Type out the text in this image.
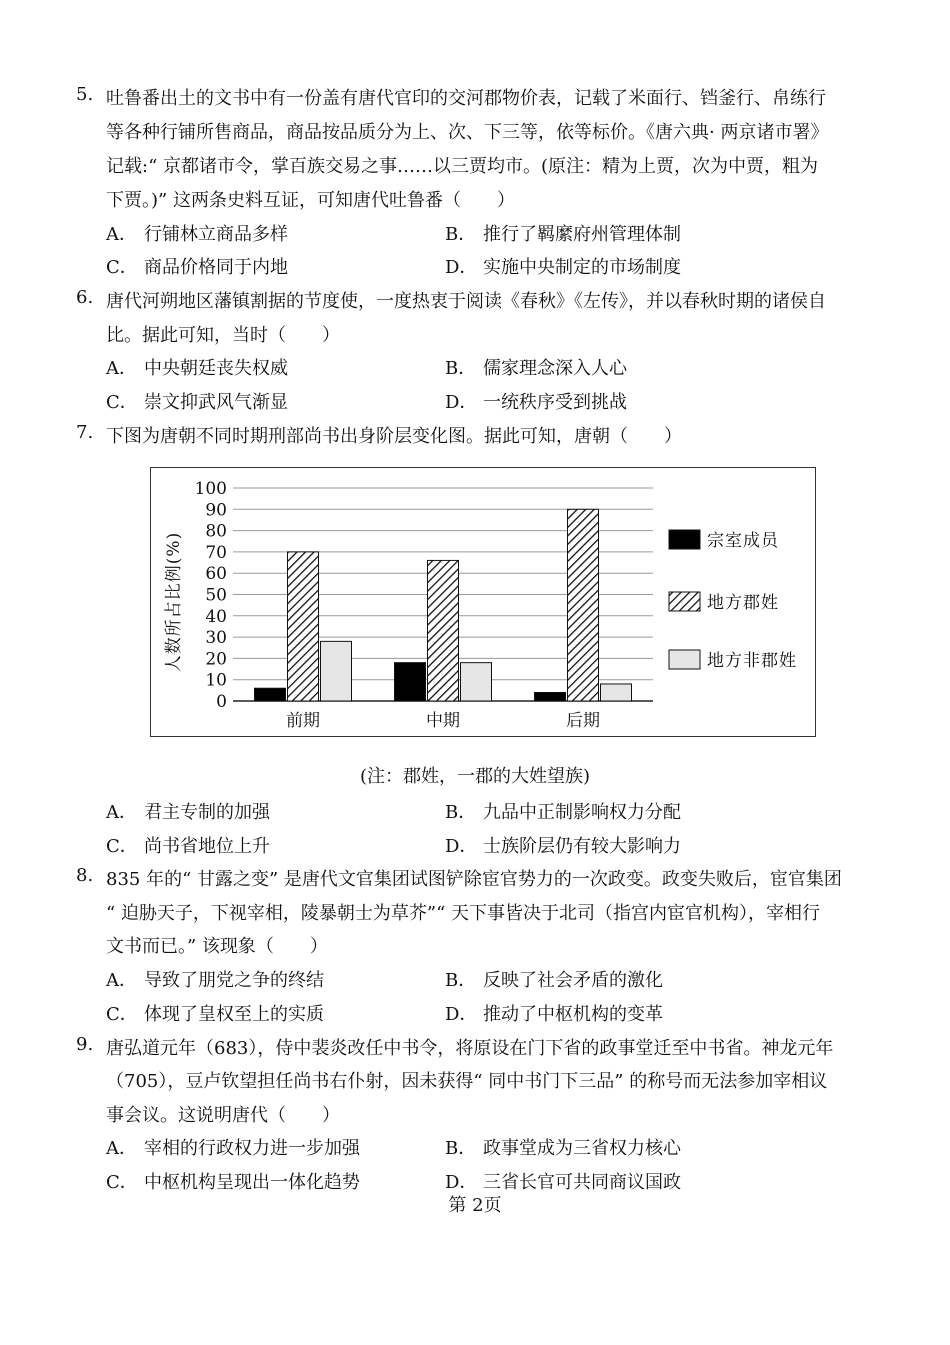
5. 吐鲁番出土的文书中有一份盖有唐代官印的交河郡物价表，记载了米面行、铛釜行、帛练行
等各种行铺所售商品，商品按品质分为上、次、下三等，依等标价。《唐六典· 两京诸市署》
记载:“ 京都诸市令，掌百族交易之事……以三贾均市。(原注：精为上贾，次为中贾，粗为
下贾。)” 这两条史料互证，可知唐代吐鲁番（　　）
A． 行铺林立商品多样	B． 推行了羁縻府州管理体制
C． 商品价格同于内地	D． 实施中央制定的市场制度
6. 唐代河朔地区藩镇割据的节度使，一度热衷于阅读《春秋》《左传》，并以春秋时期的诸侯自
比。据此可知，当时（　　）
A． 中央朝廷丧失权威	B． 儒家理念深入人心
C． 崇文抑武风气渐显	D． 一统秩序受到挑战
7. 下图为唐朝不同时期刑部尚书出身阶层变化图。据此可知，唐朝（　　）
人数所占比例(%)
0
10
20
30
40
50
60
70
80
90
100
前期	中期	后期
宗室成员
地方郡姓
地方非郡姓
(注：郡姓，一郡的大姓望族)
A． 君主专制的加强	B． 九品中正制影响权力分配
C． 尚书省地位上升	D． 士族阶层仍有较大影响力
8. 835 年的“ 甘露之变” 是唐代文官集团试图铲除宦官势力的一次政变。政变失败后，宦官集团
“ 迫胁天子，下视宰相，陵暴朝士为草芥”“ 天下事皆决于北司（指宫内宦官机构），宰相行
文书而已。” 该现象（　　）
A． 导致了朋党之争的终结	B． 反映了社会矛盾的激化
C． 体现了皇权至上的实质	D． 推动了中枢机构的变革
9. 唐弘道元年（683），侍中裴炎改任中书令，将原设在门下省的政事堂迁至中书省。神龙元年
（705），豆卢钦望担任尚书右仆射，因未获得“ 同中书门下三品” 的称号而无法参加宰相议
事会议。这说明唐代（　　）
A． 宰相的行政权力进一步加强	B． 政事堂成为三省权力核心
C． 中枢机构呈现出一体化趋势	D． 三省长官可共同商议国政
第 2页
